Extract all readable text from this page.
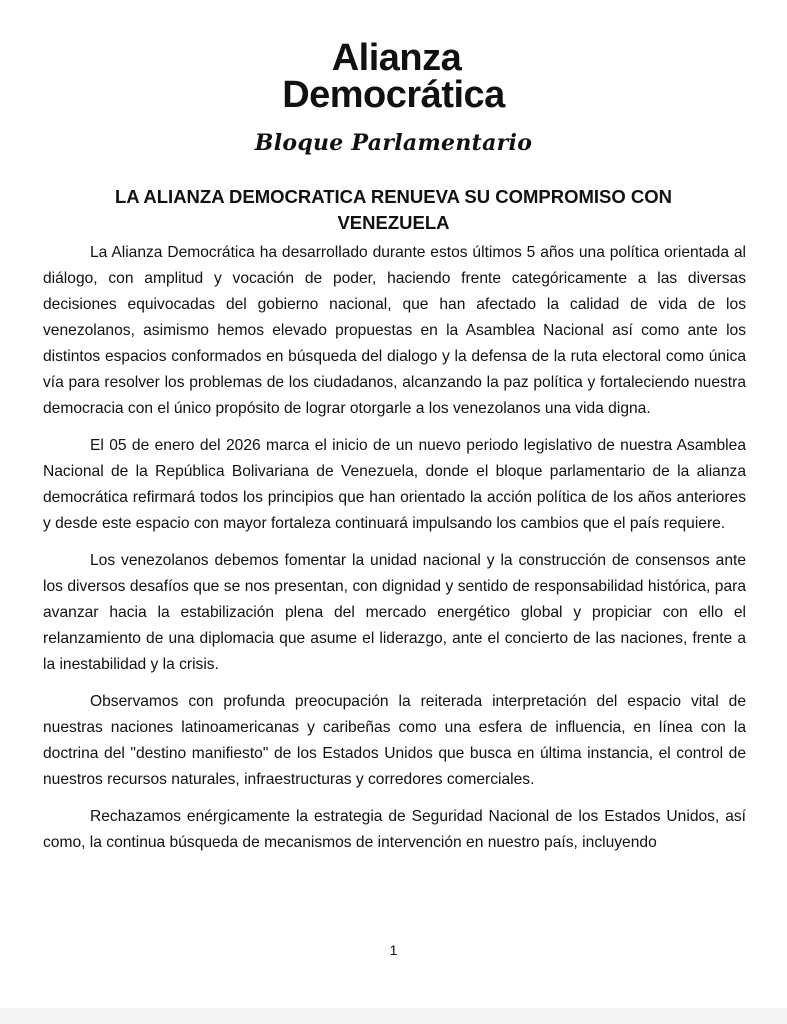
Alianza
Democrática
Bloque Parlamentario
LA ALIANZA DEMOCRATICA RENUEVA SU COMPROMISO CON VENEZUELA

La Alianza Democrática ha desarrollado durante estos últimos 5 años una política orientada al diálogo, con amplitud y vocación de poder, haciendo frente categóricamente a las diversas decisiones equivocadas del gobierno nacional, que han afectado la calidad de vida de los venezolanos, asimismo hemos elevado propuestas en la Asamblea Nacional así como ante los distintos espacios conformados en búsqueda del dialogo y la defensa de la ruta electoral como única vía para resolver los problemas de los ciudadanos, alcanzando la paz política y fortaleciendo nuestra democracia con el único propósito de lograr otorgarle a los venezolanos una vida digna.

El 05 de enero del 2026 marca el inicio de un nuevo periodo legislativo de nuestra Asamblea Nacional de la República Bolivariana de Venezuela, donde el bloque parlamentario de la alianza democrática refirmará todos los principios que han orientado la acción política de los años anteriores y desde este espacio con mayor fortaleza continuará impulsando los cambios que el país requiere.

Los venezolanos debemos fomentar la unidad nacional y la construcción de consensos ante los diversos desafíos que se nos presentan, con dignidad y sentido de responsabilidad histórica, para avanzar hacia la estabilización plena del mercado energético global y propiciar con ello el relanzamiento de una diplomacia que asume el liderazgo, ante el concierto de las naciones, frente a la inestabilidad y la crisis.

Observamos con profunda preocupación la reiterada interpretación del espacio vital de nuestras naciones latinoamericanas y caribeñas como una esfera de influencia, en línea con la doctrina del "destino manifiesto" de los Estados Unidos que busca en última instancia, el control de nuestros recursos naturales, infraestructuras y corredores comerciales.

Rechazamos enérgicamente la estrategia de Seguridad Nacional de los Estados Unidos, así como, la continua búsqueda de mecanismos de intervención en nuestro país, incluyendo

1
